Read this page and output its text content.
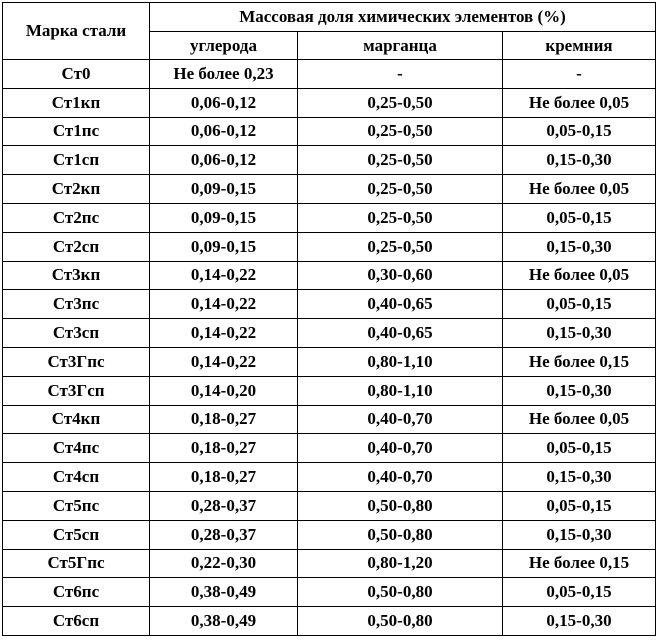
Марка стали	Массовая доля химических элементов (%)		
	углерода	марганца	кремния
Ст0	Не более 0,23	-	-
Ст1кп	0,06-0,12	0,25-0,50	Не более 0,05
Ст1пс	0,06-0,12	0,25-0,50	0,05-0,15
Ст1сп	0,06-0,12	0,25-0,50	0,15-0,30
Ст2кп	0,09-0,15	0,25-0,50	Не более 0,05
Ст2пс	0,09-0,15	0,25-0,50	0,05-0,15
Ст2сп	0,09-0,15	0,25-0,50	0,15-0,30
Ст3кп	0,14-0,22	0,30-0,60	Не более 0,05
Ст3пс	0,14-0,22	0,40-0,65	0,05-0,15
Ст3сп	0,14-0,22	0,40-0,65	0,15-0,30
Ст3Гпс	0,14-0,22	0,80-1,10	Не более 0,15
Ст3Гсп	0,14-0,20	0,80-1,10	0,15-0,30
Ст4кп	0,18-0,27	0,40-0,70	Не более 0,05
Ст4пс	0,18-0,27	0,40-0,70	0,05-0,15
Ст4сп	0,18-0,27	0,40-0,70	0,15-0,30
Ст5пс	0,28-0,37	0,50-0,80	0,05-0,15
Ст5сп	0,28-0,37	0,50-0,80	0,15-0,30
Ст5Гпс	0,22-0,30	0,80-1,20	Не более 0,15
Ст6пс	0,38-0,49	0,50-0,80	0,05-0,15
Ст6сп	0,38-0,49	0,50-0,80	0,15-0,30
